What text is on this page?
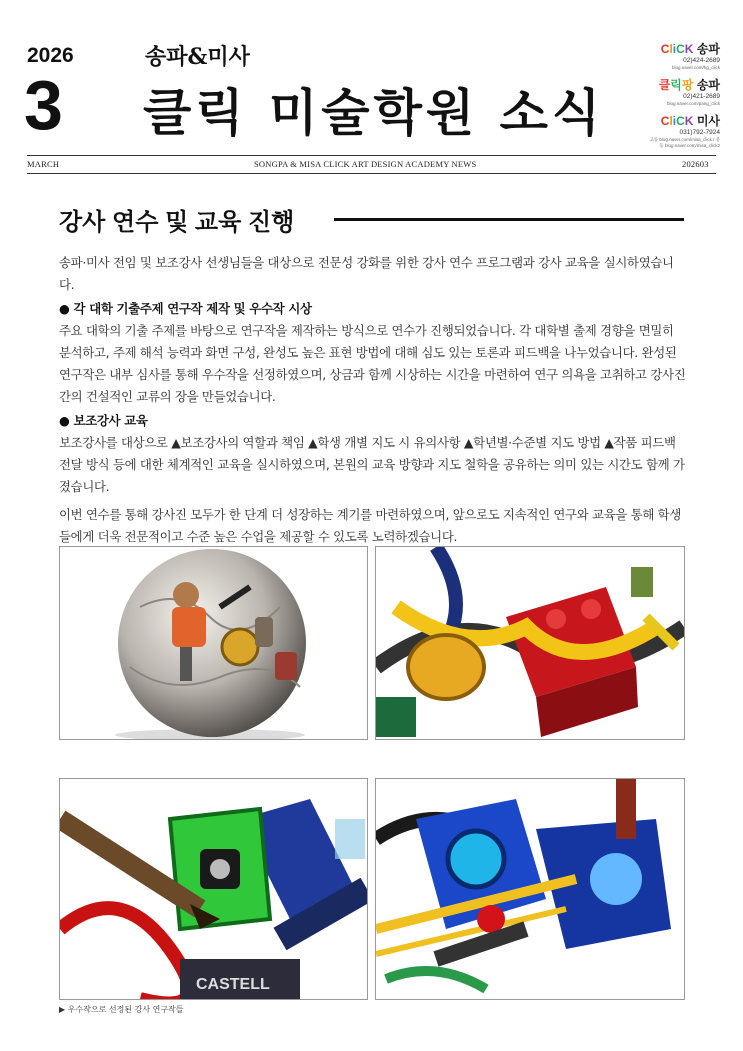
2026
3
송파&미사
클릭 미술학원 소식
CliCK 송파
02)424-2689
blog.naver.com/hg_click
클릭팡 송파
02)421-2689
blog.naver.com/pang_click
CliCK 미사
031)792-7924
고등 blog.naver.com/misa_click / 중등 blog.naver.com/misa_click2
MARCH	SONGPA & MISA CLICK ART DESIGN ACADEMY NEWS	202603
강사 연수 및 교육 진행

송파·미사 전임 및 보조강사 선생님들을 대상으로 전문성 강화를 위한 강사 연수 프로그램과 강사 교육을 실시하였습니다.

● 각 대학 기출주제 연구작 제작 및 우수작 시상

주요 대학의 기출 주제를 바탕으로 연구작을 제작하는 방식으로 연수가 진행되었습니다. 각 대학별 출제 경향을 면밀히 분석하고, 주제 해석 능력과 화면 구성, 완성도 높은 표현 방법에 대해 심도 있는 토론과 피드백을 나누었습니다. 완성된 연구작은 내부 심사를 통해 우수작을 선정하였으며, 상금과 함께 시상하는 시간을 마련하여 연구 의욕을 고취하고 강사진 간의 건설적인 교류의 장을 만들었습니다.

● 보조강사 교육

보조강사를 대상으로 ▲보조강사의 역할과 책임 ▲학생 개별 지도 시 유의사항 ▲학년별·수준별 지도 방법 ▲작품 피드백 전달 방식 등에 대한 체계적인 교육을 실시하였으며, 본원의 교육 방향과 지도 철학을 공유하는 의미 있는 시간도 함께 가졌습니다.

이번 연수를 통해 강사진 모두가 한 단계 더 성장하는 계기를 마련하였으며, 앞으로도 지속적인 연구와 교육을 통해 학생들에게 더욱 전문적이고 수준 높은 수업을 제공할 수 있도록 노력하겠습니다.

CASTELL
▶ 우수작으로 선정된 강사 연구작들
